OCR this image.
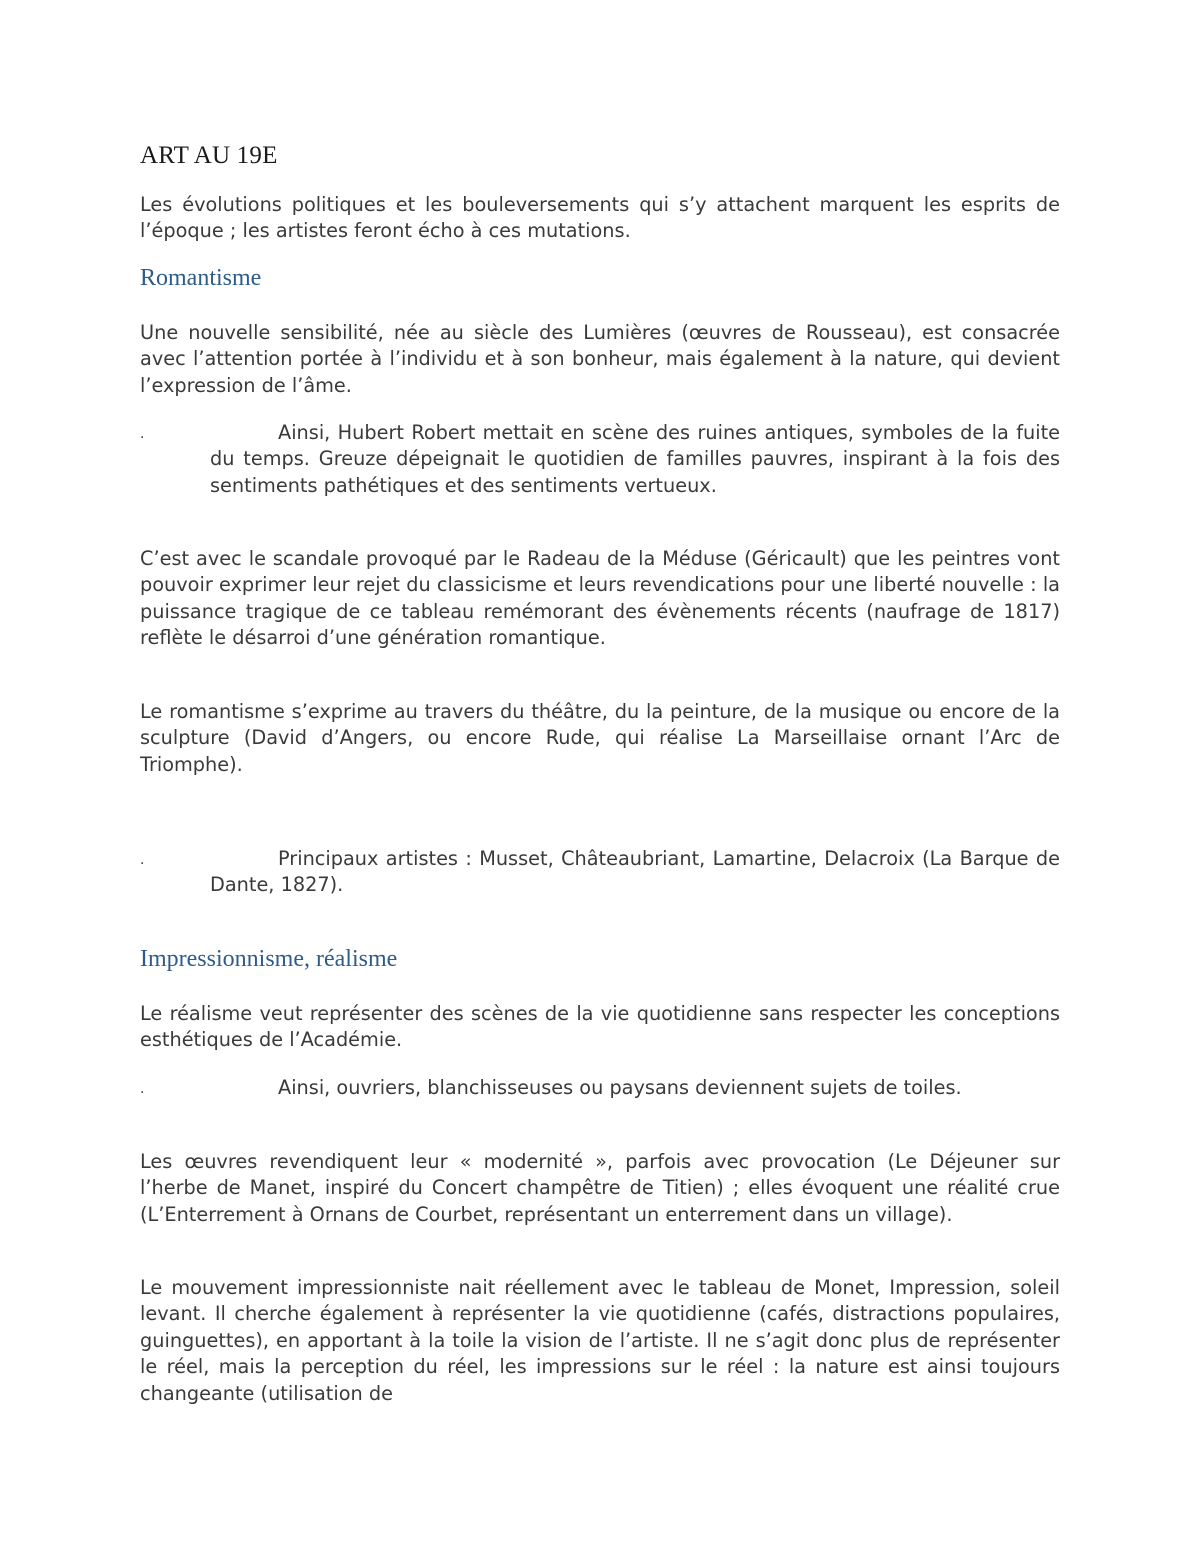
ART AU 19E

Les évolutions politiques et les bouleversements qui s’y attachent marquent les esprits de l’époque ; les artistes feront écho à ces mutations.

Romantisme

Une nouvelle sensibilité, née au siècle des Lumières (œuvres de Rousseau), est consacrée avec l’attention portée à l’individu et à son bonheur, mais également à la nature, qui devient l’expression de l’âme.

.	Ainsi, Hubert Robert mettait en scène des ruines antiques, symboles de la fuite du temps. Greuze dépeignait le quotidien de familles pauvres, inspirant à la fois des sentiments pathétiques et des sentiments vertueux.

C’est avec le scandale provoqué par le Radeau de la Méduse (Géricault) que les peintres vont pouvoir exprimer leur rejet du classicisme et leurs revendications pour une liberté nouvelle : la puissance tragique de ce tableau remémorant des évènements récents (naufrage de 1817) reflète le désarroi d’une génération romantique.

Le romantisme s’exprime au travers du théâtre, du la peinture, de la musique ou encore de la sculpture (David d’Angers, ou encore Rude, qui réalise La Marseillaise ornant l’Arc de Triomphe).

.	Principaux artistes : Musset, Châteaubriant, Lamartine, Delacroix (La Barque de Dante, 1827).

Impressionnisme, réalisme

Le réalisme veut représenter des scènes de la vie quotidienne sans respecter les conceptions esthétiques de l’Académie.

.	Ainsi, ouvriers, blanchisseuses ou paysans deviennent sujets de toiles.

Les œuvres revendiquent leur « modernité », parfois avec provocation (Le Déjeuner sur l’herbe de Manet, inspiré du Concert champêtre de Titien) ; elles évoquent une réalité crue (L’Enterrement à Ornans de Courbet, représentant un enterrement dans un village).

Le mouvement impressionniste nait réellement avec le tableau de Monet, Impression, soleil levant. Il cherche également à représenter la vie quotidienne (cafés, distractions populaires, guinguettes), en apportant à la toile la vision de l’artiste. Il ne s’agit donc plus de représenter le réel, mais la perception du réel, les impressions sur le réel : la nature est ainsi toujours changeante (utilisation de
